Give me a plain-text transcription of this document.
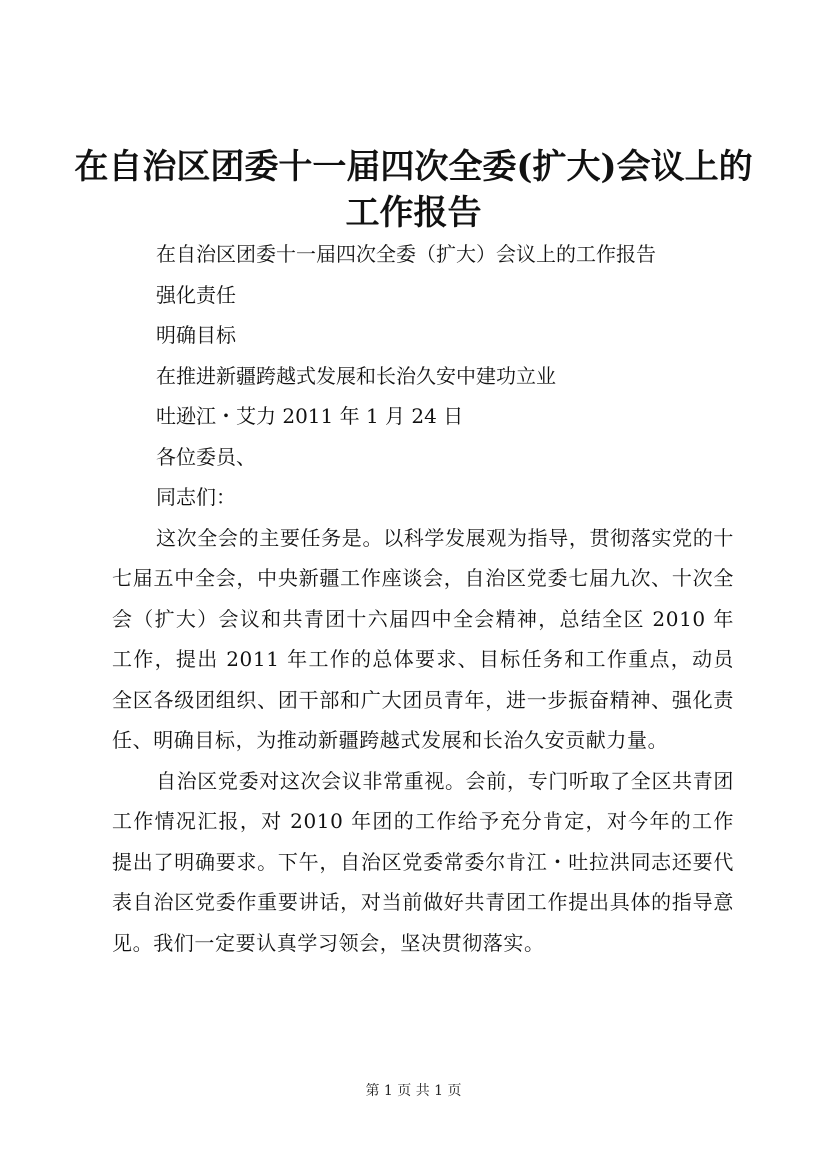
在自治区团委十一届四次全委(扩大)会议上的工作报告

在自治区团委十一届四次全委（扩大）会议上的工作报告

强化责任

明确目标

在推进新疆跨越式发展和长治久安中建功立业

吐逊江・艾力 2011 年 1 月 24 日

各位委员、

同志们：

这次全会的主要任务是。以科学发展观为指导，贯彻落实党的十七届五中全会，中央新疆工作座谈会，自治区党委七届九次、十次全会（扩大）会议和共青团十六届四中全会精神，总结全区 2010 年工作，提出 2011 年工作的总体要求、目标任务和工作重点，动员全区各级团组织、团干部和广大团员青年，进一步振奋精神、强化责任、明确目标，为推动新疆跨越式发展和长治久安贡献力量。

自治区党委对这次会议非常重视。会前，专门听取了全区共青团工作情况汇报，对 2010 年团的工作给予充分肯定，对今年的工作提出了明确要求。下午，自治区党委常委尔肯江・吐拉洪同志还要代表自治区党委作重要讲话，对当前做好共青团工作提出具体的指导意见。我们一定要认真学习领会，坚决贯彻落实。

第 1 页 共 1 页
